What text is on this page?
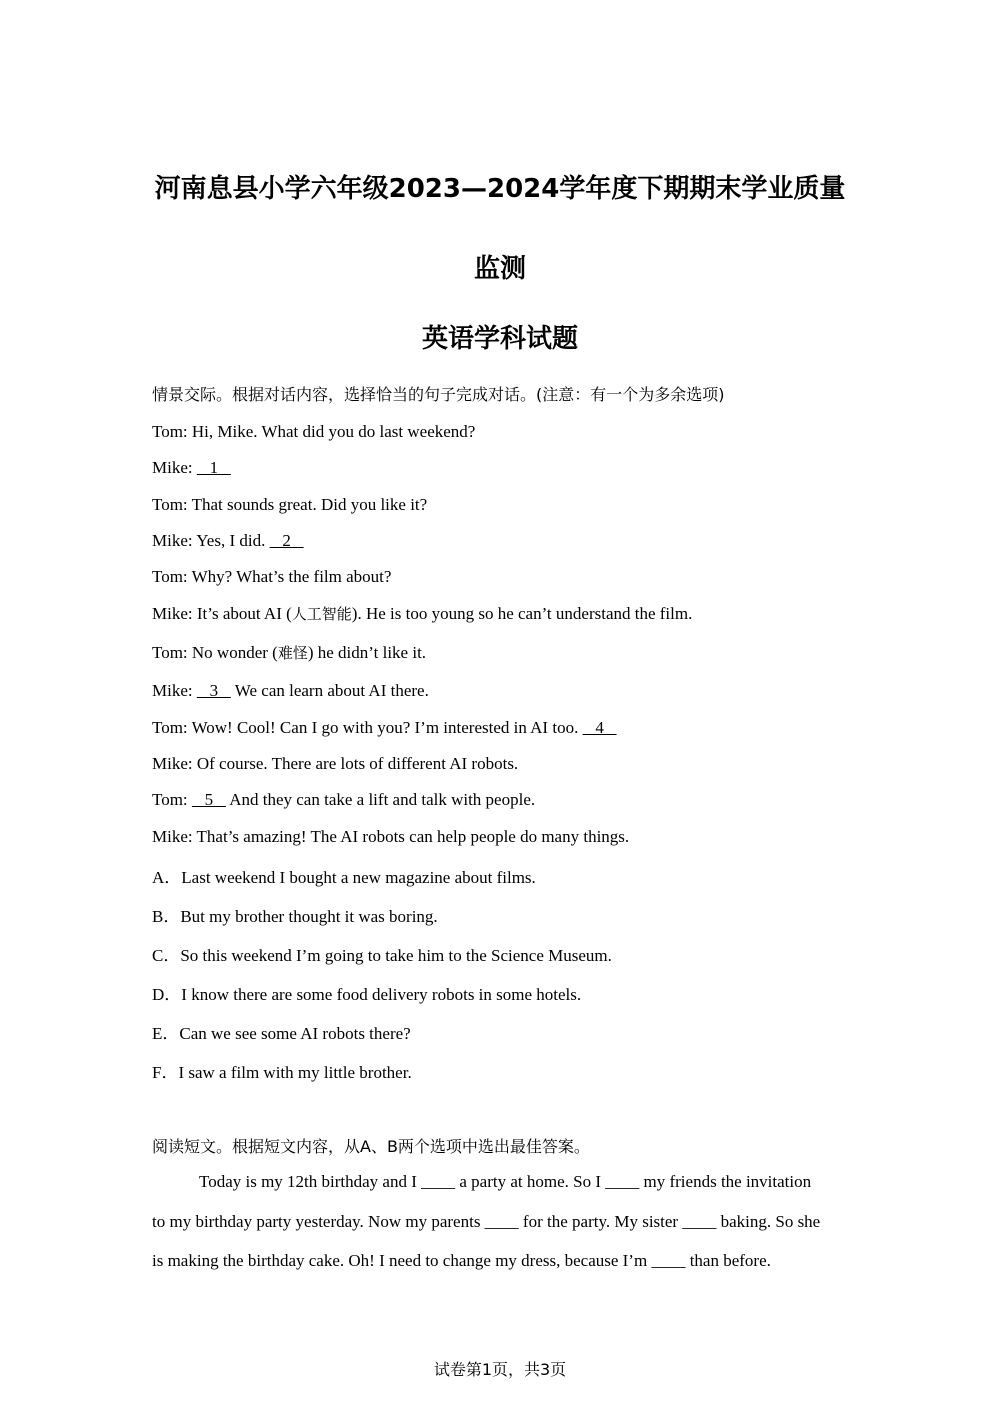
河南息县小学六年级2023—2024学年度下期期末学业质量
监测
英语学科试题
情景交际。根据对话内容，选择恰当的句子完成对话。(注意：有一个为多余选项)
Tom: Hi, Mike. What did you do last weekend?
Mike:    1
Tom: That sounds great. Did you like it?
Mike: Yes, I did.    2
Tom: Why? What’s the film about?
Mike: It’s about AI (人工智能). He is too young so he can’t understand the film.
Tom: No wonder (难怪) he didn’t like it.
Mike:    3    We can learn about AI there.
Tom: Wow! Cool! Can I go with you? I’m interested in AI too.    4
Mike: Of course. There are lots of different AI robots.
Tom:    5    And they can take a lift and talk with people.
Mike: That’s amazing! The AI robots can help people do many things.
A．Last weekend I bought a new magazine about films.
B．But my brother thought it was boring.
C．So this weekend I’m going to take him to the Science Museum.
D．I know there are some food delivery robots in some hotels.
E．Can we see some AI robots there?
F．I saw a film with my little brother.
阅读短文。根据短文内容，从A、B两个选项中选出最佳答案。
Today is my 12th birthday and I ____ a party at home. So I ____ my friends the invitation
to my birthday party yesterday. Now my parents ____ for the party. My sister ____ baking. So she
is making the birthday cake. Oh! I need to change my dress, because I’m ____ than before.
试卷第1页，共3页
